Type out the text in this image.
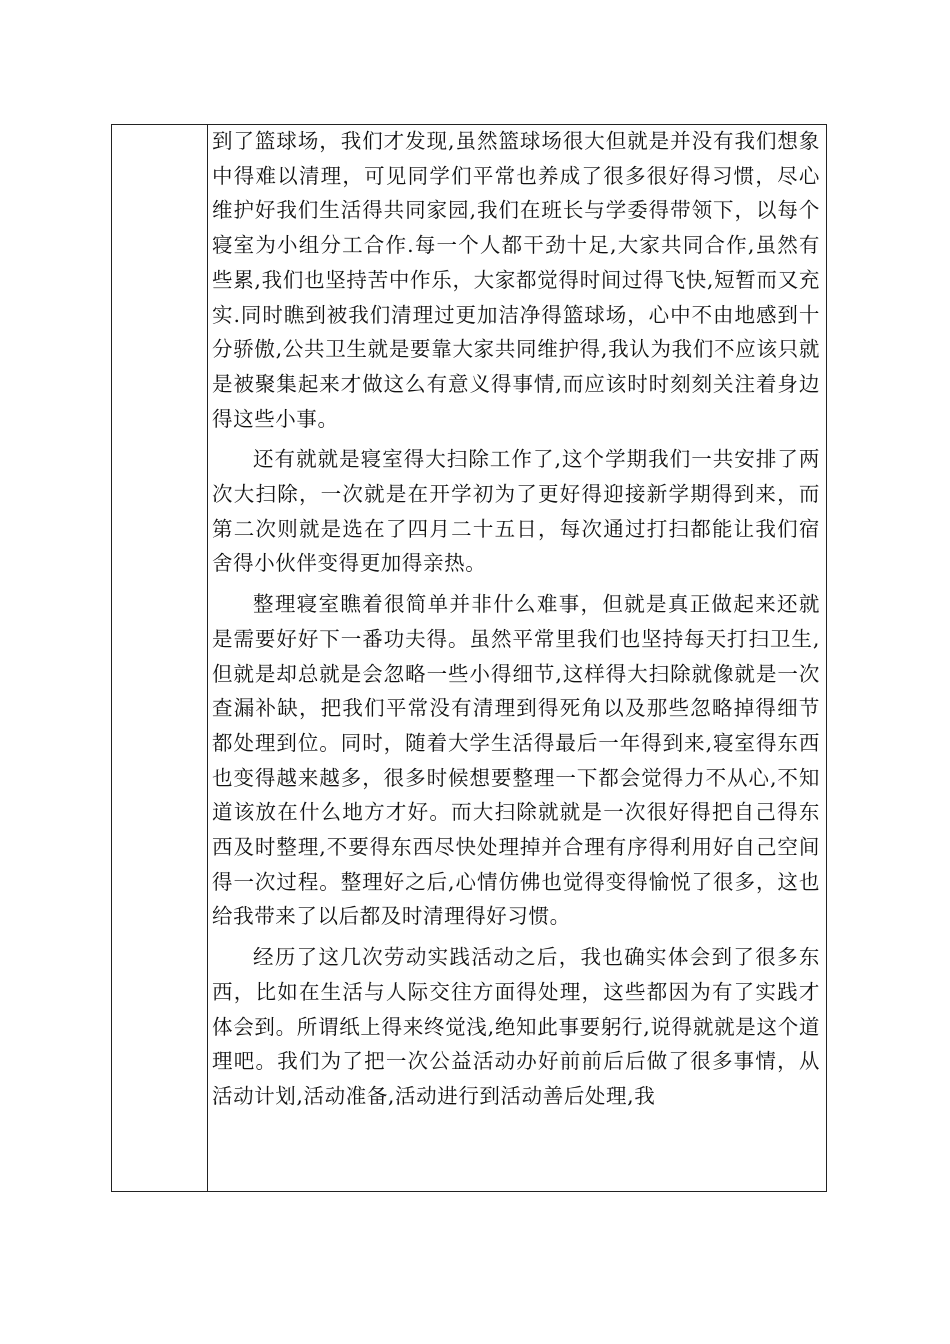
到了篮球场，我们才发现,虽然篮球场很大但就是并没有我们想象中得难以清理，可见同学们平常也养成了很多很好得习惯，尽心维护好我们生活得共同家园,我们在班长与学委得带领下，以每个寝室为小组分工合作.每一个人都干劲十足,大家共同合作,虽然有些累,我们也坚持苦中作乐，大家都觉得时间过得飞快,短暂而又充实.同时瞧到被我们清理过更加洁净得篮球场，心中不由地感到十分骄傲,公共卫生就是要靠大家共同维护得,我认为我们不应该只就是被聚集起来才做这么有意义得事情,而应该时时刻刻关注着身边得这些小事。

还有就就是寝室得大扫除工作了,这个学期我们一共安排了两次大扫除，一次就是在开学初为了更好得迎接新学期得到来，而第二次则就是选在了四月二十五日，每次通过打扫都能让我们宿舍得小伙伴变得更加得亲热。

整理寝室瞧着很简单并非什么难事，但就是真正做起来还就是需要好好下一番功夫得。虽然平常里我们也坚持每天打扫卫生,但就是却总就是会忽略一些小得细节,这样得大扫除就像就是一次查漏补缺，把我们平常没有清理到得死角以及那些忽略掉得细节都处理到位。同时，随着大学生活得最后一年得到来,寝室得东西也变得越来越多，很多时候想要整理一下都会觉得力不从心,不知道该放在什么地方才好。而大扫除就就是一次很好得把自己得东西及时整理,不要得东西尽快处理掉并合理有序得利用好自己空间得一次过程。整理好之后,心情仿佛也觉得变得愉悦了很多，这也给我带来了以后都及时清理得好习惯。

经历了这几次劳动实践活动之后，我也确实体会到了很多东西，比如在生活与人际交往方面得处理，这些都因为有了实践才体会到。所谓纸上得来终觉浅,绝知此事要躬行,说得就就是这个道理吧。我们为了把一次公益活动办好前前后后做了很多事情，从活动计划,活动准备,活动进行到活动善后处理,我
